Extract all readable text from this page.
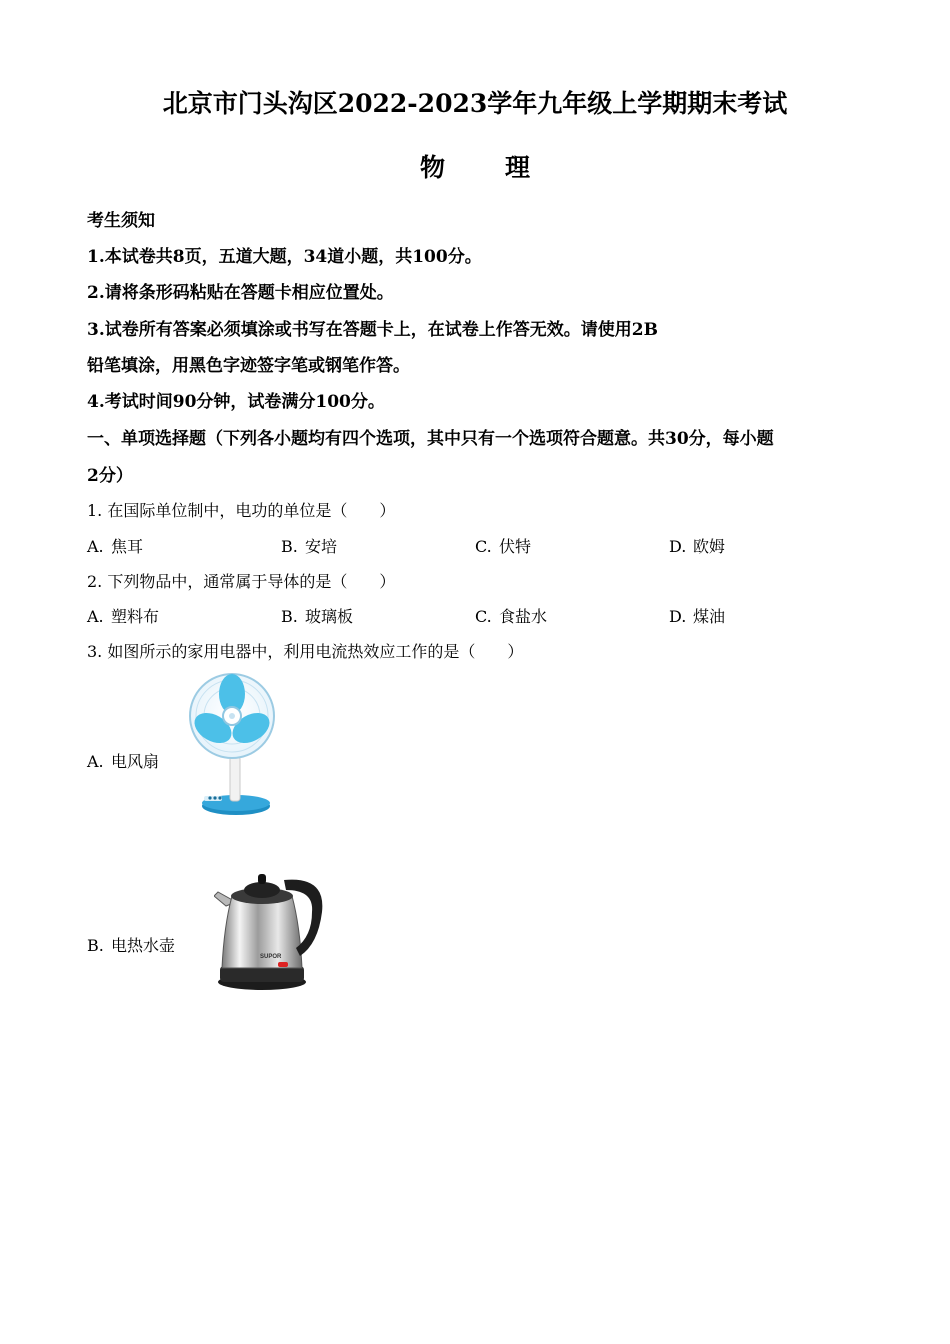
北京市门头沟区2022-2023学年九年级上学期期末考试
物 理
考生须知
1.本试卷共8页，五道大题，34道小题，共100分。
2.请将条形码粘贴在答题卡相应位置处。
3.试卷所有答案必须填涂或书写在答题卡上，在试卷上作答无效。请使用2B
铅笔填涂，用黑色字迹签字笔或钢笔作答。
4.考试时间90分钟，试卷满分100分。
一、单项选择题（下列各小题均有四个选项，其中只有一个选项符合题意。共30分，每小题
2分）
1. 在国际单位制中，电功的单位是（　　）
A. 焦耳	B. 安培	C. 伏特	D. 欧姆
2. 下列物品中，通常属于导体的是（　　）
A. 塑料布	B. 玻璃板	C. 食盐水	D. 煤油
3. 如图所示的家用电器中，利用电流热效应工作的是（　　）
A. 电风扇
B. 电热水壶
SUPOR
